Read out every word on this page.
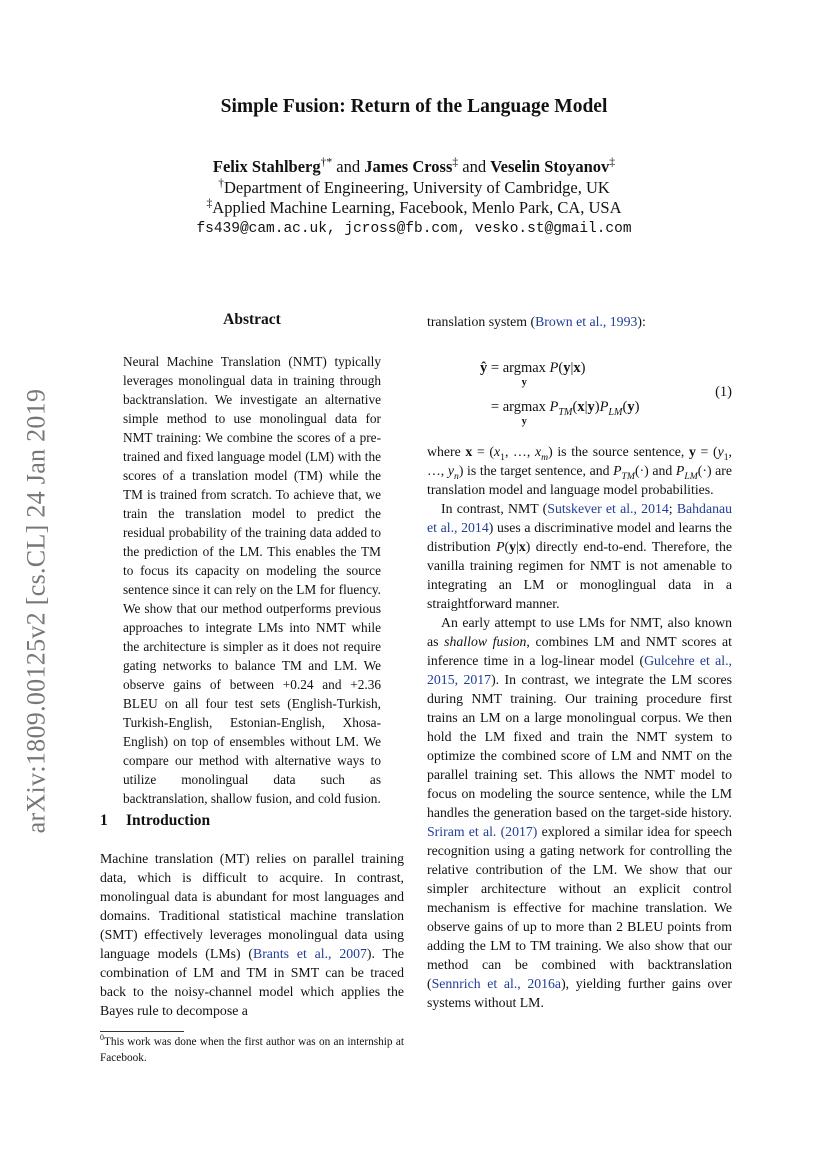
arXiv:1809.00125v2 [cs.CL] 24 Jan 2019
Simple Fusion: Return of the Language Model
Felix Stahlberg†* and James Cross‡ and Veselin Stoyanov‡
†Department of Engineering, University of Cambridge, UK
‡Applied Machine Learning, Facebook, Menlo Park, CA, USA
fs439@cam.ac.uk, jcross@fb.com, vesko.st@gmail.com
Abstract
Neural Machine Translation (NMT) typically leverages monolingual data in training through backtranslation. We investigate an alternative simple method to use monolingual data for NMT training: We combine the scores of a pre-trained and fixed language model (LM) with the scores of a translation model (TM) while the TM is trained from scratch. To achieve that, we train the translation model to predict the residual probability of the training data added to the prediction of the LM. This enables the TM to focus its capacity on modeling the source sentence since it can rely on the LM for fluency. We show that our method outperforms previous approaches to integrate LMs into NMT while the architecture is simpler as it does not require gating networks to balance TM and LM. We observe gains of between +0.24 and +2.36 BLEU on all four test sets (English-Turkish, Turkish-English, Estonian-English, Xhosa-English) on top of ensembles without LM. We compare our method with alternative ways to utilize monolingual data such as backtranslation, shallow fusion, and cold fusion.
1 Introduction
Machine translation (MT) relies on parallel training data, which is difficult to acquire. In contrast, monolingual data is abundant for most languages and domains. Traditional statistical machine translation (SMT) effectively leverages monolingual data using language models (LMs) (Brants et al., 2007). The combination of LM and TM in SMT can be traced back to the noisy-channel model which applies the Bayes rule to decompose a
$^0$This work was done when the first author was on an internship at Facebook.
translation system (Brown et al., 1993):
ŷ = argmax
y
P(y|x)
= argmax
y
$P_{TM}(x|y)P_{LM}(y)$
(1)

where $x = (x_1$, …, $x_m$) is the source sentence, $y = (y_1$, …, $y_n$) is the target sentence, and $P_{TM}(\cdot)$ and $P_{LM}(\cdot)$ are translation model and language model probabilities.

In contrast, NMT (Sutskever et al., 2014; Bahdanau et al., 2014) uses a discriminative model and learns the distribution P(y|x) directly end-to-end. Therefore, the vanilla training regimen for NMT is not amenable to integrating an LM or monoglingual data in a straightforward manner.

An early attempt to use LMs for NMT, also known as shallow fusion, combines LM and NMT scores at inference time in a log-linear model (Gulcehre et al., 2015, 2017). In contrast, we integrate the LM scores during NMT training. Our training procedure first trains an LM on a large monolingual corpus. We then hold the LM fixed and train the NMT system to optimize the combined score of LM and NMT on the parallel training set. This allows the NMT model to focus on modeling the source sentence, while the LM handles the generation based on the target-side history. Sriram et al. (2017) explored a similar idea for speech recognition using a gating network for controlling the relative contribution of the LM. We show that our simpler architecture without an explicit control mechanism is effective for machine translation. We observe gains of up to more than 2 BLEU points from adding the LM to TM training. We also show that our method can be combined with backtranslation (Sennrich et al., 2016a), yielding further gains over systems without LM.
